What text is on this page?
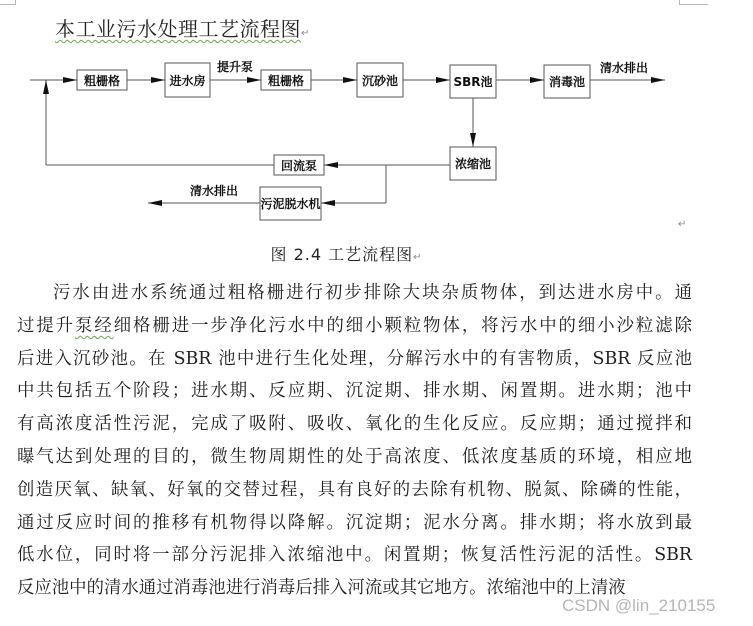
本工业污水处理工艺流程图↵
粗栅格	进水房	粗栅格	沉砂池	SBR池	消毒池
浓缩池
回流泵
污泥脱水机
提升泵	清水排出
清水排出
↵
图 2.4 工艺流程图↵
污水由进水系统通过粗格栅进行初步排除大块杂质物体，到达进水房中。通
过提升泵经细格栅进一步净化污水中的细小颗粒物体，将污水中的细小沙粒滤除
后进入沉砂池。在 SBR 池中进行生化处理，分解污水中的有害物质，SBR 反应池
中共包括五个阶段；进水期、反应期、沉淀期、排水期、闲置期。进水期；池中
有高浓度活性污泥，完成了吸附、吸收、氧化的生化反应。反应期；通过搅拌和
曝气达到处理的目的，微生物周期性的处于高浓度、低浓度基质的环境，相应地
创造厌氧、缺氧、好氧的交替过程，具有良好的去除有机物、脱氮、除磷的性能，
通过反应时间的推移有机物得以降解。沉淀期；泥水分离。排水期；将水放到最
低水位，同时将一部分污泥排入浓缩池中。闲置期；恢复活性污泥的活性。SBR
反应池中的清水通过消毒池进行消毒后排入河流或其它地方。浓缩池中的上清液
CSDN @lin_210155
